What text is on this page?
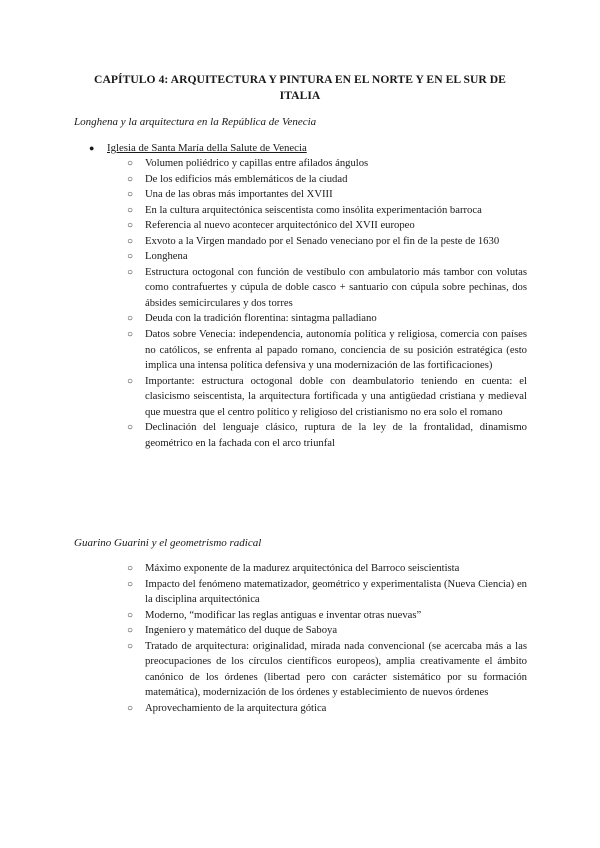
CAPÍTULO 4: ARQUITECTURA Y PINTURA EN EL NORTE Y EN EL SUR DE ITALIA
Longhena y la arquitectura en la República de Venecia
●	Iglesia de Santa María della Salute de Venecia
○ Volumen poliédrico y capillas entre afilados ángulos
○ De los edificios más emblemáticos de la ciudad
○ Una de las obras más importantes del XVIII
○ En la cultura arquitectónica seiscentista como insólita experimentación barroca
○ Referencia al nuevo acontecer arquitectónico del XVII europeo
○ Exvoto a la Virgen mandado por el Senado veneciano por el fin de la peste de 1630
○ Longhena
○ Estructura octogonal con función de vestíbulo con ambulatorio más tambor con volutas como contrafuertes y cúpula de doble casco + santuario con cúpula sobre pechinas, dos ábsides semicirculares y dos torres
○ Deuda con la tradición florentina: sintagma palladiano
○ Datos sobre Venecia: independencia, autonomía política y religiosa, comercia con países no católicos, se enfrenta al papado romano, conciencia de su posición estratégica (esto implica una intensa política defensiva y una modernización de las fortificaciones)
○ Importante: estructura octogonal doble con deambulatorio teniendo en cuenta: el clasicismo seiscentista, la arquitectura fortificada y una antigüedad cristiana y medieval que muestra que el centro político y religioso del cristianismo no era solo el romano
○ Declinación del lenguaje clásico, ruptura de la ley de la frontalidad, dinamismo geométrico en la fachada con el arco triunfal
Guarino Guarini y el geometrismo radical
○ Máximo exponente de la madurez arquitectónica del Barroco seiscientista
○ Impacto del fenómeno matematizador, geométrico y experimentalista (Nueva Ciencia) en la disciplina arquitectónica
○ Moderno, “modificar las reglas antiguas e inventar otras nuevas”
○ Ingeniero y matemático del duque de Saboya
○ Tratado de arquitectura: originalidad, mirada nada convencional (se acercaba más a las preocupaciones de los círculos científicos europeos), amplia creativamente el ámbito canónico de los órdenes (libertad pero con carácter sistemático por su formación matemática), modernización de los órdenes y establecimiento de nuevos órdenes
○ Aprovechamiento de la arquitectura gótica
